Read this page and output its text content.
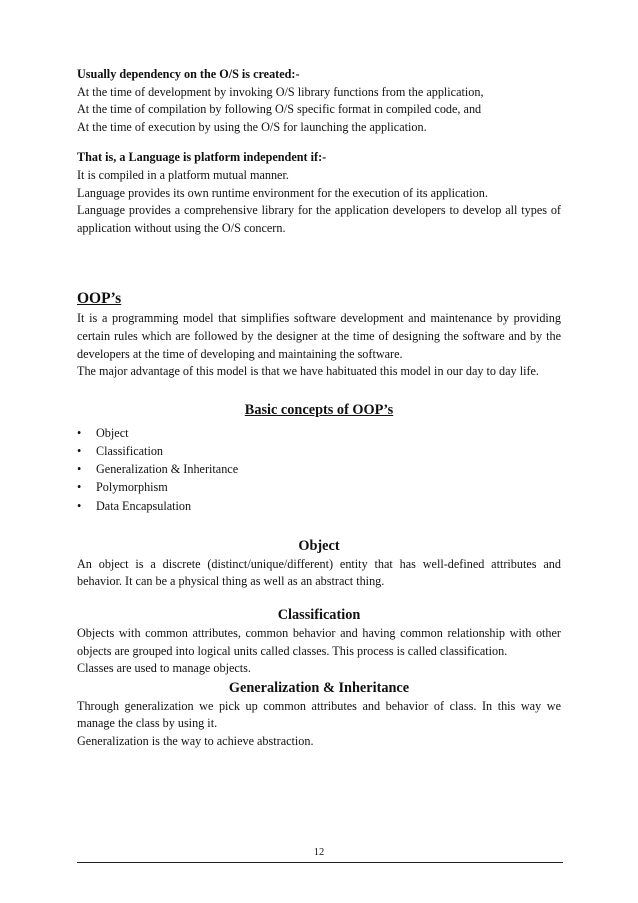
Usually dependency on the O/S is created:-

At the time of development by invoking O/S library functions from the application,

At the time of compilation by following O/S specific format in compiled code, and

At the time of execution by using the O/S for launching the application.

That is, a Language is platform independent if:-

It is compiled in a platform mutual manner.

Language provides its own runtime environment for the execution of its application.

Language provides a comprehensive library for the application developers to develop all types of application without using the O/S concern.

OOP’s

It is a programming model that simplifies software development and maintenance by providing certain rules which are followed by the designer at the time of designing the software and by the developers at the time of developing and maintaining the software.

The major advantage of this model is that we have habituated this model in our day to day life.

Basic concepts of OOP’s
•	Object
•	Classification
•	Generalization & Inheritance
•	Polymorphism
•	Data Encapsulation
Object

An object is a discrete (distinct/unique/different) entity that has well-defined attributes and behavior. It can be a physical thing as well as an abstract thing.

Classification

Objects with common attributes, common behavior and having common relationship with other objects are grouped into logical units called classes. This process is called classification.

Classes are used to manage objects.

Generalization & Inheritance

Through generalization we pick up common attributes and behavior of class. In this way we manage the class by using it.

Generalization is the way to achieve abstraction.

12
